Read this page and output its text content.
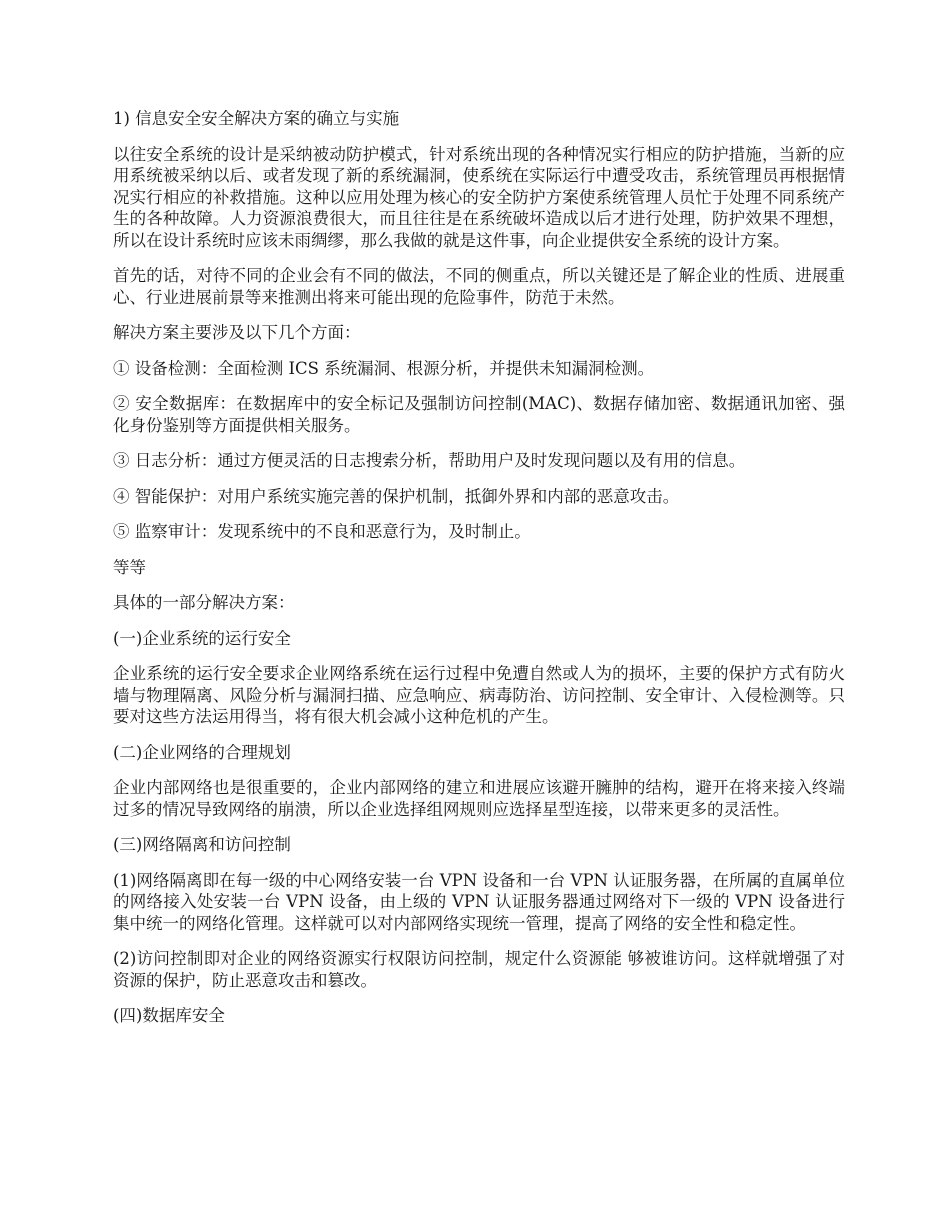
1) 信息安全安全解决方案的确立与实施

以往安全系统的设计是采纳被动防护模式，针对系统出现的各种情况实行相应的防护措施，当新的应用系统被采纳以后、或者发现了新的系统漏洞，使系统在实际运行中遭受攻击，系统管理员再根据情况实行相应的补救措施。这种以应用处理为核心的安全防护方案使系统管理人员忙于处理不同系统产生的各种故障。人力资源浪费很大，而且往往是在系统破坏造成以后才进行处理，防护效果不理想，所以在设计系统时应该未雨绸缪，那么我做的就是这件事，向企业提供安全系统的设计方案。

首先的话，对待不同的企业会有不同的做法，不同的侧重点，所以关键还是了解企业的性质、进展重心、行业进展前景等来推测出将来可能出现的危险事件，防范于未然。

解决方案主要涉及以下几个方面：

① 设备检测：全面检测 ICS 系统漏洞、根源分析，并提供未知漏洞检测。

② 安全数据库：在数据库中的安全标记及强制访问控制(MAC)、数据存储加密、数据通讯加密、强化身份鉴别等方面提供相关服务。

③ 日志分析：通过方便灵活的日志搜索分析，帮助用户及时发现问题以及有用的信息。

④ 智能保护：对用户系统实施完善的保护机制，抵御外界和内部的恶意攻击。

⑤ 监察审计：发现系统中的不良和恶意行为，及时制止。

等等

具体的一部分解决方案：

(一)企业系统的运行安全

企业系统的运行安全要求企业网络系统在运行过程中免遭自然或人为的损坏，主要的保护方式有防火墙与物理隔离、风险分析与漏洞扫描、应急响应、病毒防治、访问控制、安全审计、入侵检测等。只要对这些方法运用得当，将有很大机会减小这种危机的产生。

(二)企业网络的合理规划

企业内部网络也是很重要的，企业内部网络的建立和进展应该避开臃肿的结构，避开在将来接入终端过多的情况导致网络的崩溃，所以企业选择组网规则应选择星型连接，以带来更多的灵活性。

(三)网络隔离和访问控制

(1)网络隔离即在每一级的中心网络安装一台 VPN 设备和一台 VPN 认证服务器，在所属的直属单位的网络接入处安装一台 VPN 设备，由上级的 VPN 认证服务器通过网络对下一级的 VPN 设备进行集中统一的网络化管理。这样就可以对内部网络实现统一管理，提高了网络的安全性和稳定性。

(2)访问控制即对企业的网络资源实行权限访问控制，规定什么资源能 够被谁访问。这样就增强了对资源的保护，防止恶意攻击和篡改。

(四)数据库安全
